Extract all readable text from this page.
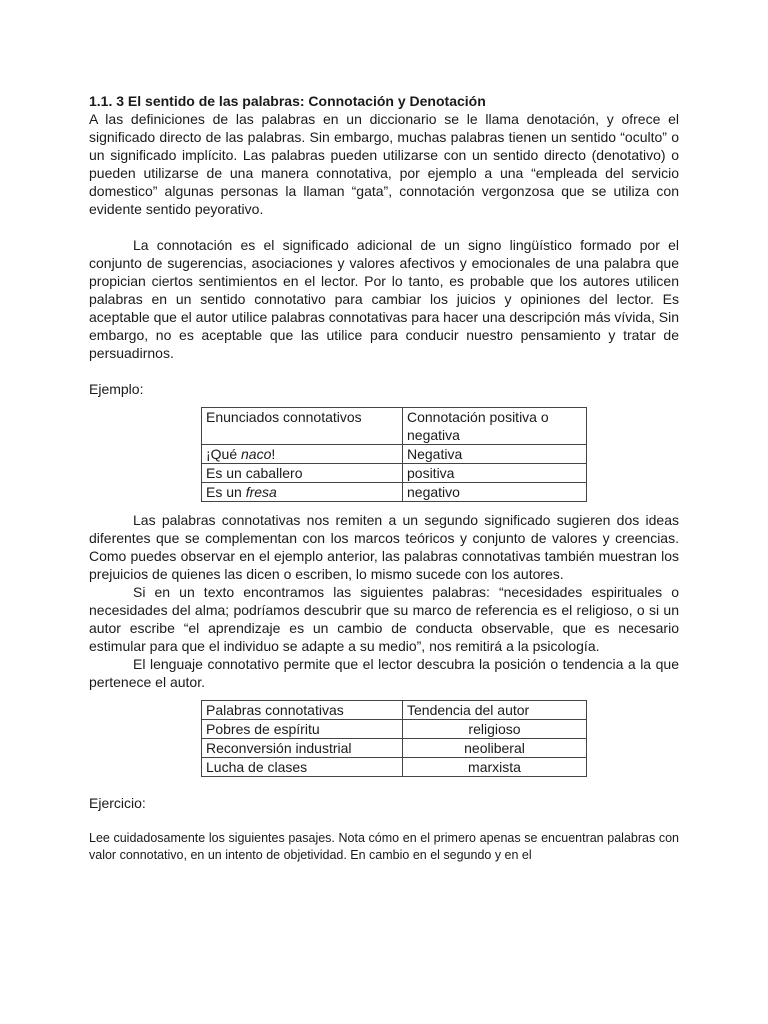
1.1. 3 El sentido de las palabras: Connotación y Denotación

A las definiciones de las palabras en un diccionario se le llama denotación, y ofrece el significado directo de las palabras. Sin embargo, muchas palabras tienen un sentido “oculto” o un significado implícito. Las palabras pueden utilizarse con un sentido directo (denotativo) o pueden utilizarse de una manera connotativa, por ejemplo a una “empleada del servicio domestico” algunas personas la llaman “gata”, connotación vergonzosa que se utiliza con evidente sentido peyorativo.

La connotación es el significado adicional de un signo lingüístico formado por el conjunto de sugerencias, asociaciones y valores afectivos y emocionales de una palabra que propician ciertos sentimientos en el lector. Por lo tanto, es probable que los autores utilicen palabras en un sentido connotativo para cambiar los juicios y opiniones del lector. Es aceptable que el autor utilice palabras connotativas para hacer una descripción más vívida, Sin embargo, no es aceptable que las utilice para conducir nuestro pensamiento y tratar de persuadirnos.

Ejemplo:

Enunciados connotativos	Connotación positiva o negativa
¡Qué naco!	Negativa
Es un caballero	positiva
Es un fresa	negativo

Las palabras connotativas nos remiten a un segundo significado sugieren dos ideas diferentes que se complementan con los marcos teóricos y conjunto de valores y creencias. Como puedes observar en el ejemplo anterior, las palabras connotativas también muestran los prejuicios de quienes las dicen o escriben, lo mismo sucede con los autores.

Si en un texto encontramos las siguientes palabras: “necesidades espirituales o necesidades del alma; podríamos descubrir que su marco de referencia es el religioso, o si un autor escribe “el aprendizaje es un cambio de conducta observable, que es necesario estimular para que el individuo se adapte a su medio”, nos remitirá a la psicología.

El lenguaje connotativo permite que el lector descubra la posición o tendencia a la que pertenece el autor.

Palabras connotativas	Tendencia del autor
Pobres de espíritu	religioso
Reconversión industrial	neoliberal
Lucha de clases	marxista

Ejercicio:

Lee cuidadosamente los siguientes pasajes. Nota cómo en el primero apenas se encuentran palabras con valor connotativo, en un intento de objetividad. En cambio en el segundo y en el
